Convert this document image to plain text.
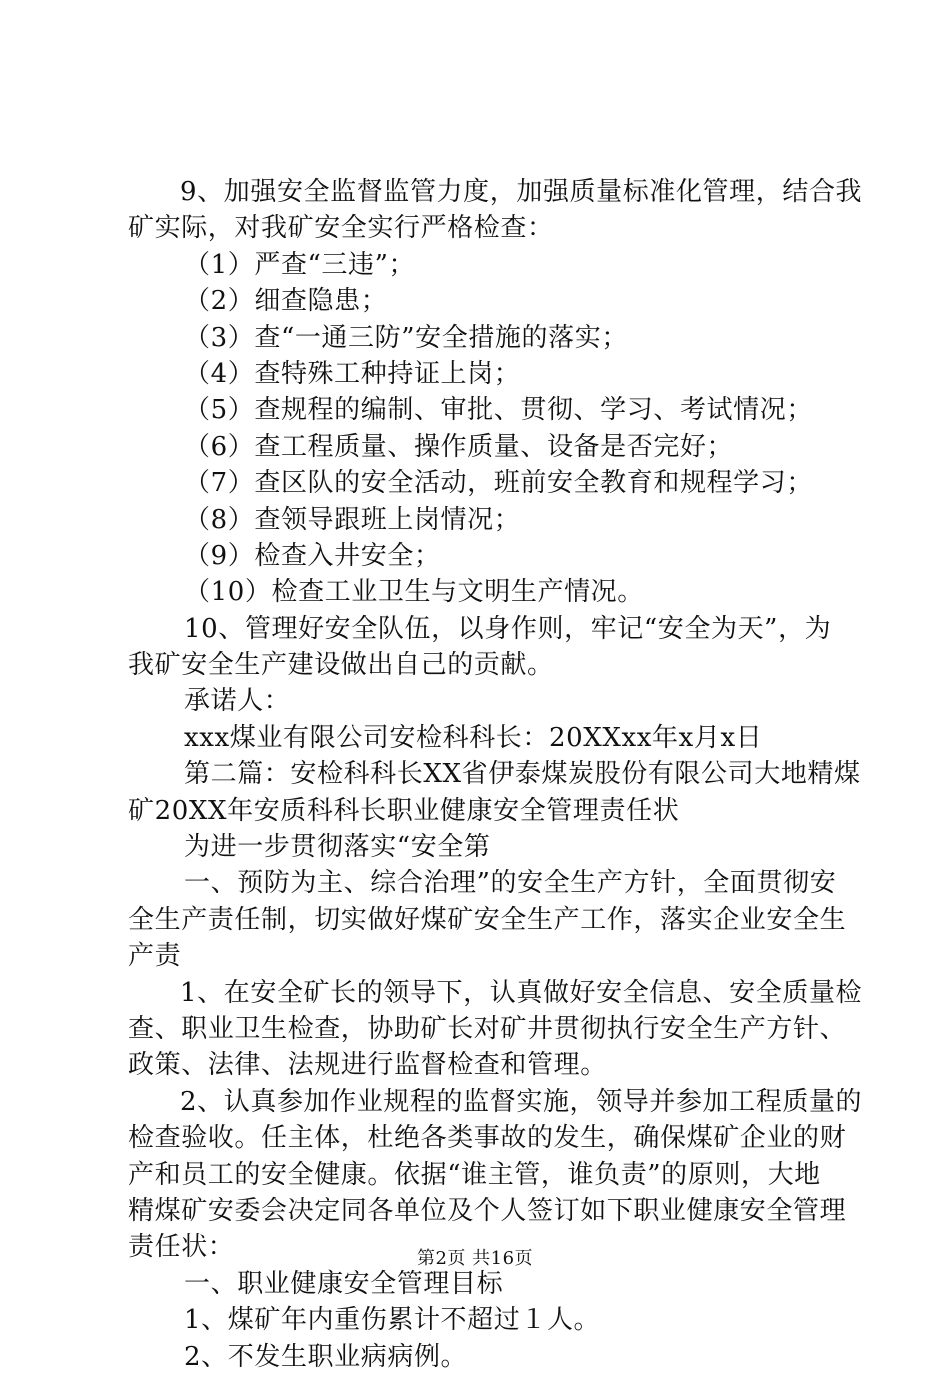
9、加强安全监督监管力度，加强质量标准化管理，结合我
矿实际，对我矿安全实行严格检查：
（1）严查“三违”；
（2）细查隐患；
（3）查“一通三防”安全措施的落实；
（4）查特殊工种持证上岗；
（5）查规程的编制、审批、贯彻、学习、考试情况；
（6）查工程质量、操作质量、设备是否完好；
（7）查区队的安全活动，班前安全教育和规程学习；
（8）查领导跟班上岗情况；
（9）检查入井安全；
（10）检查工业卫生与文明生产情况。
10、管理好安全队伍，以身作则，牢记“安全为天”，为
我矿安全生产建设做出自己的贡献。
承诺人：
xxx煤业有限公司安检科科长：20XXxx年x月x日
第二篇：安检科科长XX省伊泰煤炭股份有限公司大地精煤
矿20XX年安质科科长职业健康安全管理责任状
为进一步贯彻落实“安全第
一、预防为主、综合治理”的安全生产方针，全面贯彻安
全生产责任制，切实做好煤矿安全生产工作，落实企业安全生
产责
1、在安全矿长的领导下，认真做好安全信息、安全质量检
查、职业卫生检查，协助矿长对矿井贯彻执行安全生产方针、
政策、法律、法规进行监督检查和管理。
2、认真参加作业规程的监督实施，领导并参加工程质量的
检查验收。任主体，杜绝各类事故的发生，确保煤矿企业的财
产和员工的安全健康。依据“谁主管，谁负责”的原则，大地
精煤矿安委会决定同各单位及个人签订如下职业健康安全管理
责任状：
一、职业健康安全管理目标
1、煤矿年内重伤累计不超过１人。
2、不发生职业病病例。
第2页 共16页
